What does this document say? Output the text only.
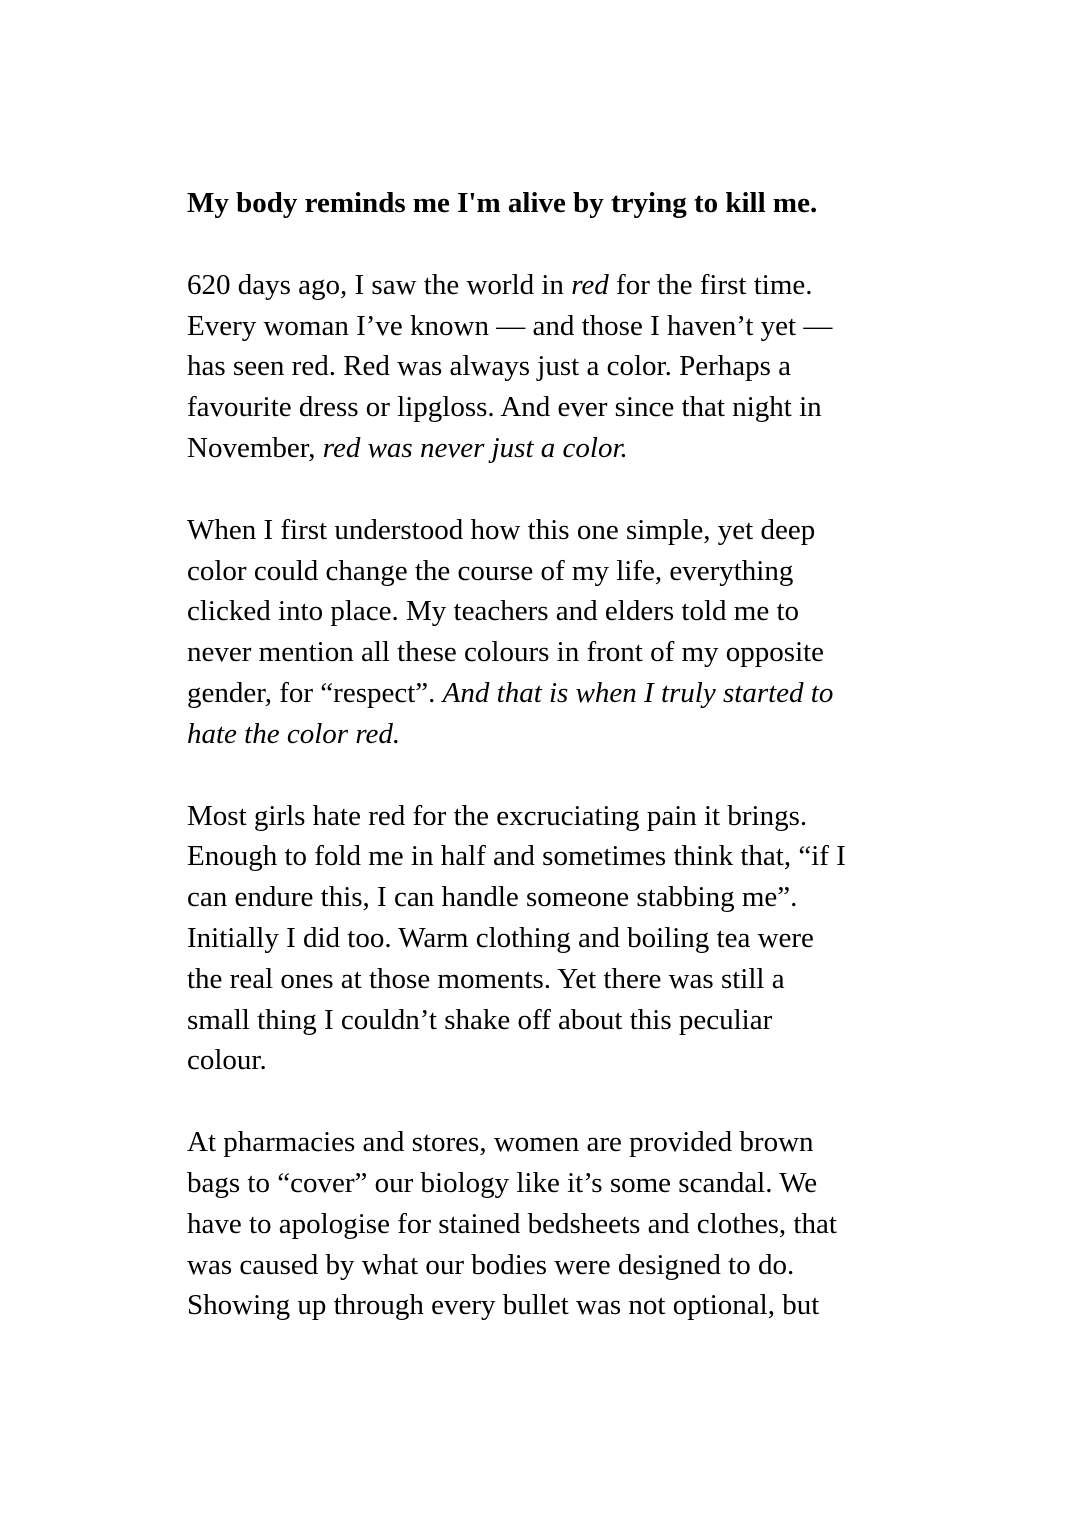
My body reminds me I'm alive by trying to kill me.
620 days ago, I saw the world in red for the first time.
Every woman I’ve known — and those I haven’t yet —
has seen red. Red was always just a color. Perhaps a
favourite dress or lipgloss. And ever since that night in
November, red was never just a color.
When I first understood how this one simple, yet deep
color could change the course of my life, everything
clicked into place. My teachers and elders told me to
never mention all these colours in front of my opposite
gender, for “respect”. And that is when I truly started to
hate the color red.
Most girls hate red for the excruciating pain it brings.
Enough to fold me in half and sometimes think that, “if I
can endure this, I can handle someone stabbing me”.
Initially I did too. Warm clothing and boiling tea were
the real ones at those moments. Yet there was still a
small thing I couldn’t shake off about this peculiar
colour.
At pharmacies and stores, women are provided brown
bags to “cover” our biology like it’s some scandal. We
have to apologise for stained bedsheets and clothes, that
was caused by what our bodies were designed to do.
Showing up through every bullet was not optional, but
